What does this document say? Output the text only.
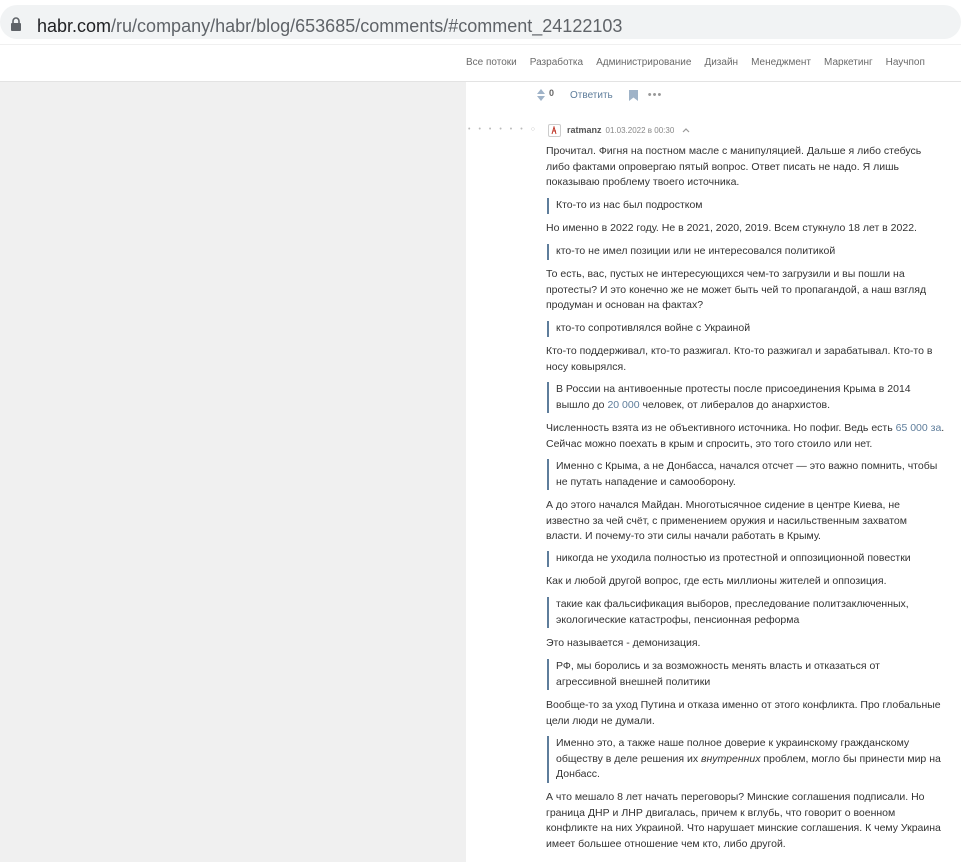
habr.com/ru/company/habr/blog/653685/comments/#comment_24122103
Все потоки Разработка Администрирование Дизайн Менеджмент Маркетинг Научпоп
0 Ответить	•••
••••••○	ratmanz 01.03.2022 в 00:30
Прочитал. Фигня на постном масле с манипуляцией. Дальше я либо стебусь либо фактами опровергаю пятый вопрос. Ответ писать не надо. Я лишь показываю проблему твоего источника.
Кто-то из нас был подростком
Но именно в 2022 году. Не в 2021, 2020, 2019. Всем стукнуло 18 лет в 2022.
кто-то не имел позиции или не интересовался политикой
То есть, вас, пустых не интересующихся чем-то загрузили и вы пошли на протесты? И это конечно же не может быть чей то пропагандой, а наш взгляд продуман и основан на фактах?
кто-то сопротивлялся войне с Украиной
Кто-то поддерживал, кто-то разжигал. Кто-то разжигал и зарабатывал. Кто-то в носу ковырялся.
В России на антивоенные протесты после присоединения Крыма в 2014 вышло до 20 000 человек, от либералов до анархистов.
Численность взята из не объективного источника. Но пофиг. Ведь есть 65 000 за. Сейчас можно поехать в крым и спросить, это того стоило или нет.
Именно с Крыма, а не Донбасса, начался отсчет — это важно помнить, чтобы не путать нападение и самооборону.
А до этого начался Майдан. Многотысячное сидение в центре Киева, не известно за чей счёт, с применением оружия и насильственным захватом власти. И почему-то эти силы начали работать в Крыму.
никогда не уходила полностью из протестной и оппозиционной повестки
Как и любой другой вопрос, где есть миллионы жителей и оппозиция.
такие как фальсификация выборов, преследование политзаключенных, экологические катастрофы, пенсионная реформа
Это называется - демонизация.
РФ, мы боролись и за возможность менять власть и отказаться от агрессивной внешней политики
Вообще-то за уход Путина и отказа именно от этого конфликта. Про глобальные цели люди не думали.
Именно это, а также наше полное доверие к украинскому гражданскому обществу в деле решения их внутренних проблем, могло бы принести мир на Донбасс.
А что мешало 8 лет начать переговоры? Минские соглашения подписали. Но граница ДНР и ЛНР двигалась, причем к вглубь, что говорит о военном конфликте на них Украиной. Что нарушает минские соглашения. К чему Украина имеет большее отношение чем кто, либо другой.
